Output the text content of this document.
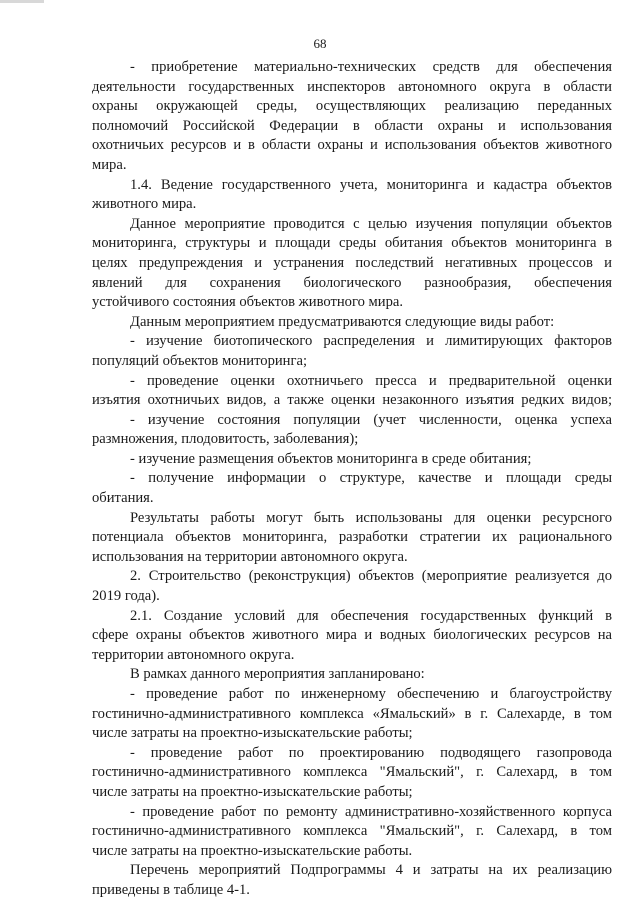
68
- приобретение материально-технических средств для обеспечения
деятельности государственных инспекторов автономного округа в области
охраны окружающей среды, осуществляющих реализацию переданных
полномочий Российской Федерации в области охраны и использования
охотничьих ресурсов и в области охраны и использования объектов животного
мира.
1.4. Ведение государственного учета, мониторинга и кадастра объектов
животного мира.
Данное мероприятие проводится с целью изучения популяции объектов
мониторинга, структуры и площади среды обитания объектов мониторинга в
целях предупреждения и устранения последствий негативных процессов и
явлений для сохранения биологического разнообразия, обеспечения
устойчивого состояния объектов животного мира.
Данным мероприятием предусматриваются следующие виды работ:
- изучение биотопического распределения и лимитирующих факторов
популяций объектов мониторинга;
- проведение оценки охотничьего пресса и предварительной оценки
изъятия охотничьих видов, а также оценки незаконного изъятия редких видов;
- изучение состояния популяции (учет численности, оценка успеха
размножения, плодовитость, заболевания);
- изучение размещения объектов мониторинга в среде обитания;
- получение информации о структуре, качестве и площади среды
обитания.
Результаты работы могут быть использованы для оценки ресурсного
потенциала объектов мониторинга, разработки стратегии их рационального
использования на территории автономного округа.
2. Строительство (реконструкция) объектов (мероприятие реализуется до
2019 года).
2.1. Создание условий для обеспечения государственных функций в
сфере охраны объектов животного мира и водных биологических ресурсов на
территории автономного округа.
В рамках данного мероприятия запланировано:
- проведение работ по инженерному обеспечению и благоустройству
гостинично-административного комплекса «Ямальский» в г. Салехарде, в том
числе затраты на проектно-изыскательские работы;
- проведение работ по проектированию подводящего газопровода
гостинично-административного комплекса "Ямальский", г. Салехард, в том
числе затраты на проектно-изыскательские работы;
- проведение работ по ремонту административно-хозяйственного корпуса
гостинично-административного комплекса "Ямальский", г. Салехард, в том
числе затраты на проектно-изыскательские работы.
Перечень мероприятий Подпрограммы 4 и затраты на их реализацию
приведены в таблице 4-1.
